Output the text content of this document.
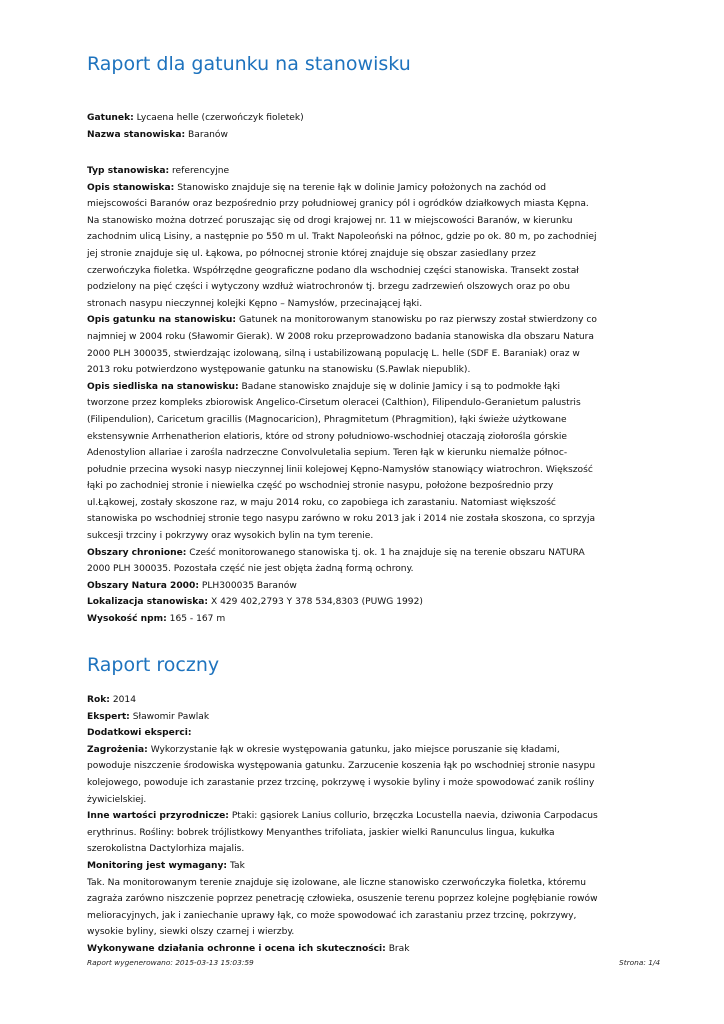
Raport dla gatunku na stanowisku

Gatunek: Lycaena helle (czerwończyk fioletek)

Nazwa stanowiska: Baranów

Typ stanowiska: referencyjne

Opis stanowiska: Stanowisko znajduje się na terenie łąk w dolinie Jamicy położonych na zachód od miejscowości Baranów oraz bezpośrednio przy południowej granicy pól i ogródków działkowych miasta Kępna. Na stanowisko można dotrzeć poruszając się od drogi krajowej nr. 11 w miejscowości Baranów, w kierunku zachodnim ulicą Lisiny, a następnie po 550 m ul. Trakt Napoleoński na północ, gdzie po ok. 80 m, po zachodniej jej stronie znajduje się ul. Łąkowa, po północnej stronie której znajduje się obszar zasiedlany przez czerwończyka fioletka. Współrzędne geograficzne podano dla wschodniej części stanowiska. Transekt został podzielony na pięć części i wytyczony wzdłuż wiatrochronów tj. brzegu zadrzewień olszowych oraz po obu stronach nasypu nieczynnej kolejki Kępno – Namysłów, przecinającej łąki.

Opis gatunku na stanowisku: Gatunek na monitorowanym stanowisku po raz pierwszy został stwierdzony co najmniej w 2004 roku (Sławomir Gierak). W 2008 roku przeprowadzono badania stanowiska dla obszaru Natura 2000 PLH 300035, stwierdzając izolowaną, silną i ustabilizowaną populację L. helle (SDF E. Baraniak) oraz w 2013 roku potwierdzono występowanie gatunku na stanowisku (S.Pawlak niepublik).

Opis siedliska na stanowisku: Badane stanowisko znajduje się w dolinie Jamicy i są to podmokłe łąki tworzone przez kompleks zbiorowisk Angelico-Cirsetum oleracei (Calthion), Filipendulo-Geranietum palustris (Filipendulion), Caricetum gracillis (Magnocaricion), Phragmitetum (Phragmition), łąki świeże użytkowane ekstensywnie Arrhenatherion elatioris, które od strony południowo-wschodniej otaczają ziołorośla górskie Adenostylion allariae i zarośla nadrzeczne Convolvuletalia sepium. Teren łąk w kierunku niemalże północ-południe przecina wysoki nasyp nieczynnej linii kolejowej Kępno-Namysłów stanowiący wiatrochron. Większość łąki po zachodniej stronie i niewielka część po wschodniej stronie nasypu, położone bezpośrednio przy ul.Łąkowej, zostały skoszone raz, w maju 2014 roku, co zapobiega ich zarastaniu. Natomiast większość stanowiska po wschodniej stronie tego nasypu zarówno w roku 2013 jak i 2014 nie została skoszona, co sprzyja sukcesji trzciny i pokrzywy oraz wysokich bylin na tym terenie.

Obszary chronione: Cześć monitorowanego stanowiska tj. ok. 1 ha znajduje się na terenie obszaru NATURA 2000 PLH 300035. Pozostała część nie jest objęta żadną formą ochrony.

Obszary Natura 2000: PLH300035 Baranów

Lokalizacja stanowiska: X 429 402,2793 Y 378 534,8303 (PUWG 1992)

Wysokość npm: 165 - 167 m

Raport roczny

Rok: 2014

Ekspert: Sławomir Pawlak

Dodatkowi eksperci:

Zagrożenia: Wykorzystanie łąk w okresie występowania gatunku, jako miejsce poruszanie się kładami, powoduje niszczenie środowiska występowania gatunku. Zarzucenie koszenia łąk po wschodniej stronie nasypu kolejowego, powoduje ich zarastanie przez trzcinę, pokrzywę i wysokie byliny i może spowodować zanik rośliny żywicielskiej.

Inne wartości przyrodnicze: Ptaki: gąsiorek Lanius collurio, brzęczka Locustella naevia, dziwonia Carpodacus erythrinus. Rośliny: bobrek trójlistkowy Menyanthes trifoliata, jaskier wielki Ranunculus lingua, kukułka szerokolistna Dactylorhiza majalis.

Monitoring jest wymagany: Tak

Tak. Na monitorowanym terenie znajduje się izolowane, ale liczne stanowisko czerwończyka fioletka, któremu zagraża zarówno niszczenie poprzez penetrację człowieka, osuszenie terenu poprzez kolejne pogłębianie rowów melioracyjnych, jak i zaniechanie uprawy łąk, co może spowodować ich zarastaniu przez trzcinę, pokrzywy, wysokie byliny, siewki olszy czarnej i wierzby.

Wykonywane działania ochronne i ocena ich skuteczności: Brak

Raport wygenerowano: 2015-03-13 15:03:59	Strona: 1/4
